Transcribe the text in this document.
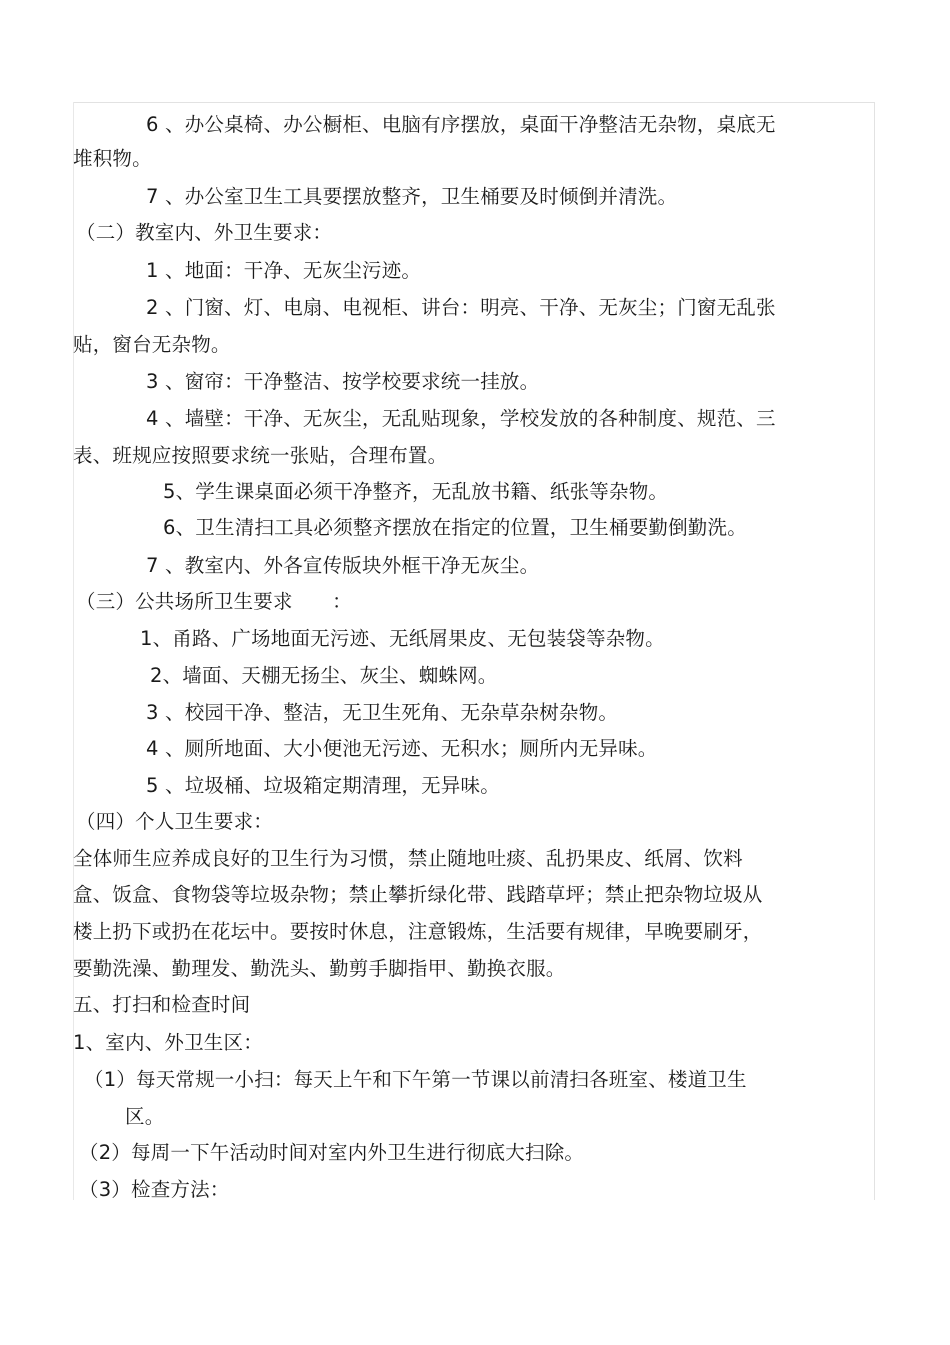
6 、办公桌椅、办公橱柜、电脑有序摆放，桌面干净整洁无杂物，桌底无
堆积物。
7 、办公室卫生工具要摆放整齐，卫生桶要及时倾倒并清洗。
（二）教室内、外卫生要求：
1 、地面：干净、无灰尘污迹。
2 、门窗、灯、电扇、电视柜、讲台：明亮、干净、无灰尘；门窗无乱张
贴，窗台无杂物。
3 、窗帘：干净整洁、按学校要求统一挂放。
4 、墙壁：干净、无灰尘，无乱贴现象，学校发放的各种制度、规范、三
表、班规应按照要求统一张贴，合理布置。
5、学生课桌面必须干净整齐，无乱放书籍、纸张等杂物。
6、卫生清扫工具必须整齐摆放在指定的位置，卫生桶要勤倒勤洗。
7 、教室内、外各宣传版块外框干净无灰尘。
（三）公共场所卫生要求　　：
1、甬路、广场地面无污迹、无纸屑果皮、无包装袋等杂物。
2、墙面、天棚无扬尘、灰尘、蜘蛛网。
3 、校园干净、整洁，无卫生死角、无杂草杂树杂物。
4 、厕所地面、大小便池无污迹、无积水；厕所内无异味。
5 、垃圾桶、垃圾箱定期清理，无异味。
（四）个人卫生要求：
全体师生应养成良好的卫生行为习惯，禁止随地吐痰、乱扔果皮、纸屑、饮料
盒、饭盒、食物袋等垃圾杂物；禁止攀折绿化带、践踏草坪；禁止把杂物垃圾从
楼上扔下或扔在花坛中。要按时休息，注意锻炼，生活要有规律，早晚要刷牙，
要勤洗澡、勤理发、勤洗头、勤剪手脚指甲、勤换衣服。
五、打扫和检查时间
1、室内、外卫生区：
（1）每天常规一小扫：每天上午和下午第一节课以前清扫各班室、楼道卫生
区。
（2）每周一下午活动时间对室内外卫生进行彻底大扫除。
（3）检查方法：
